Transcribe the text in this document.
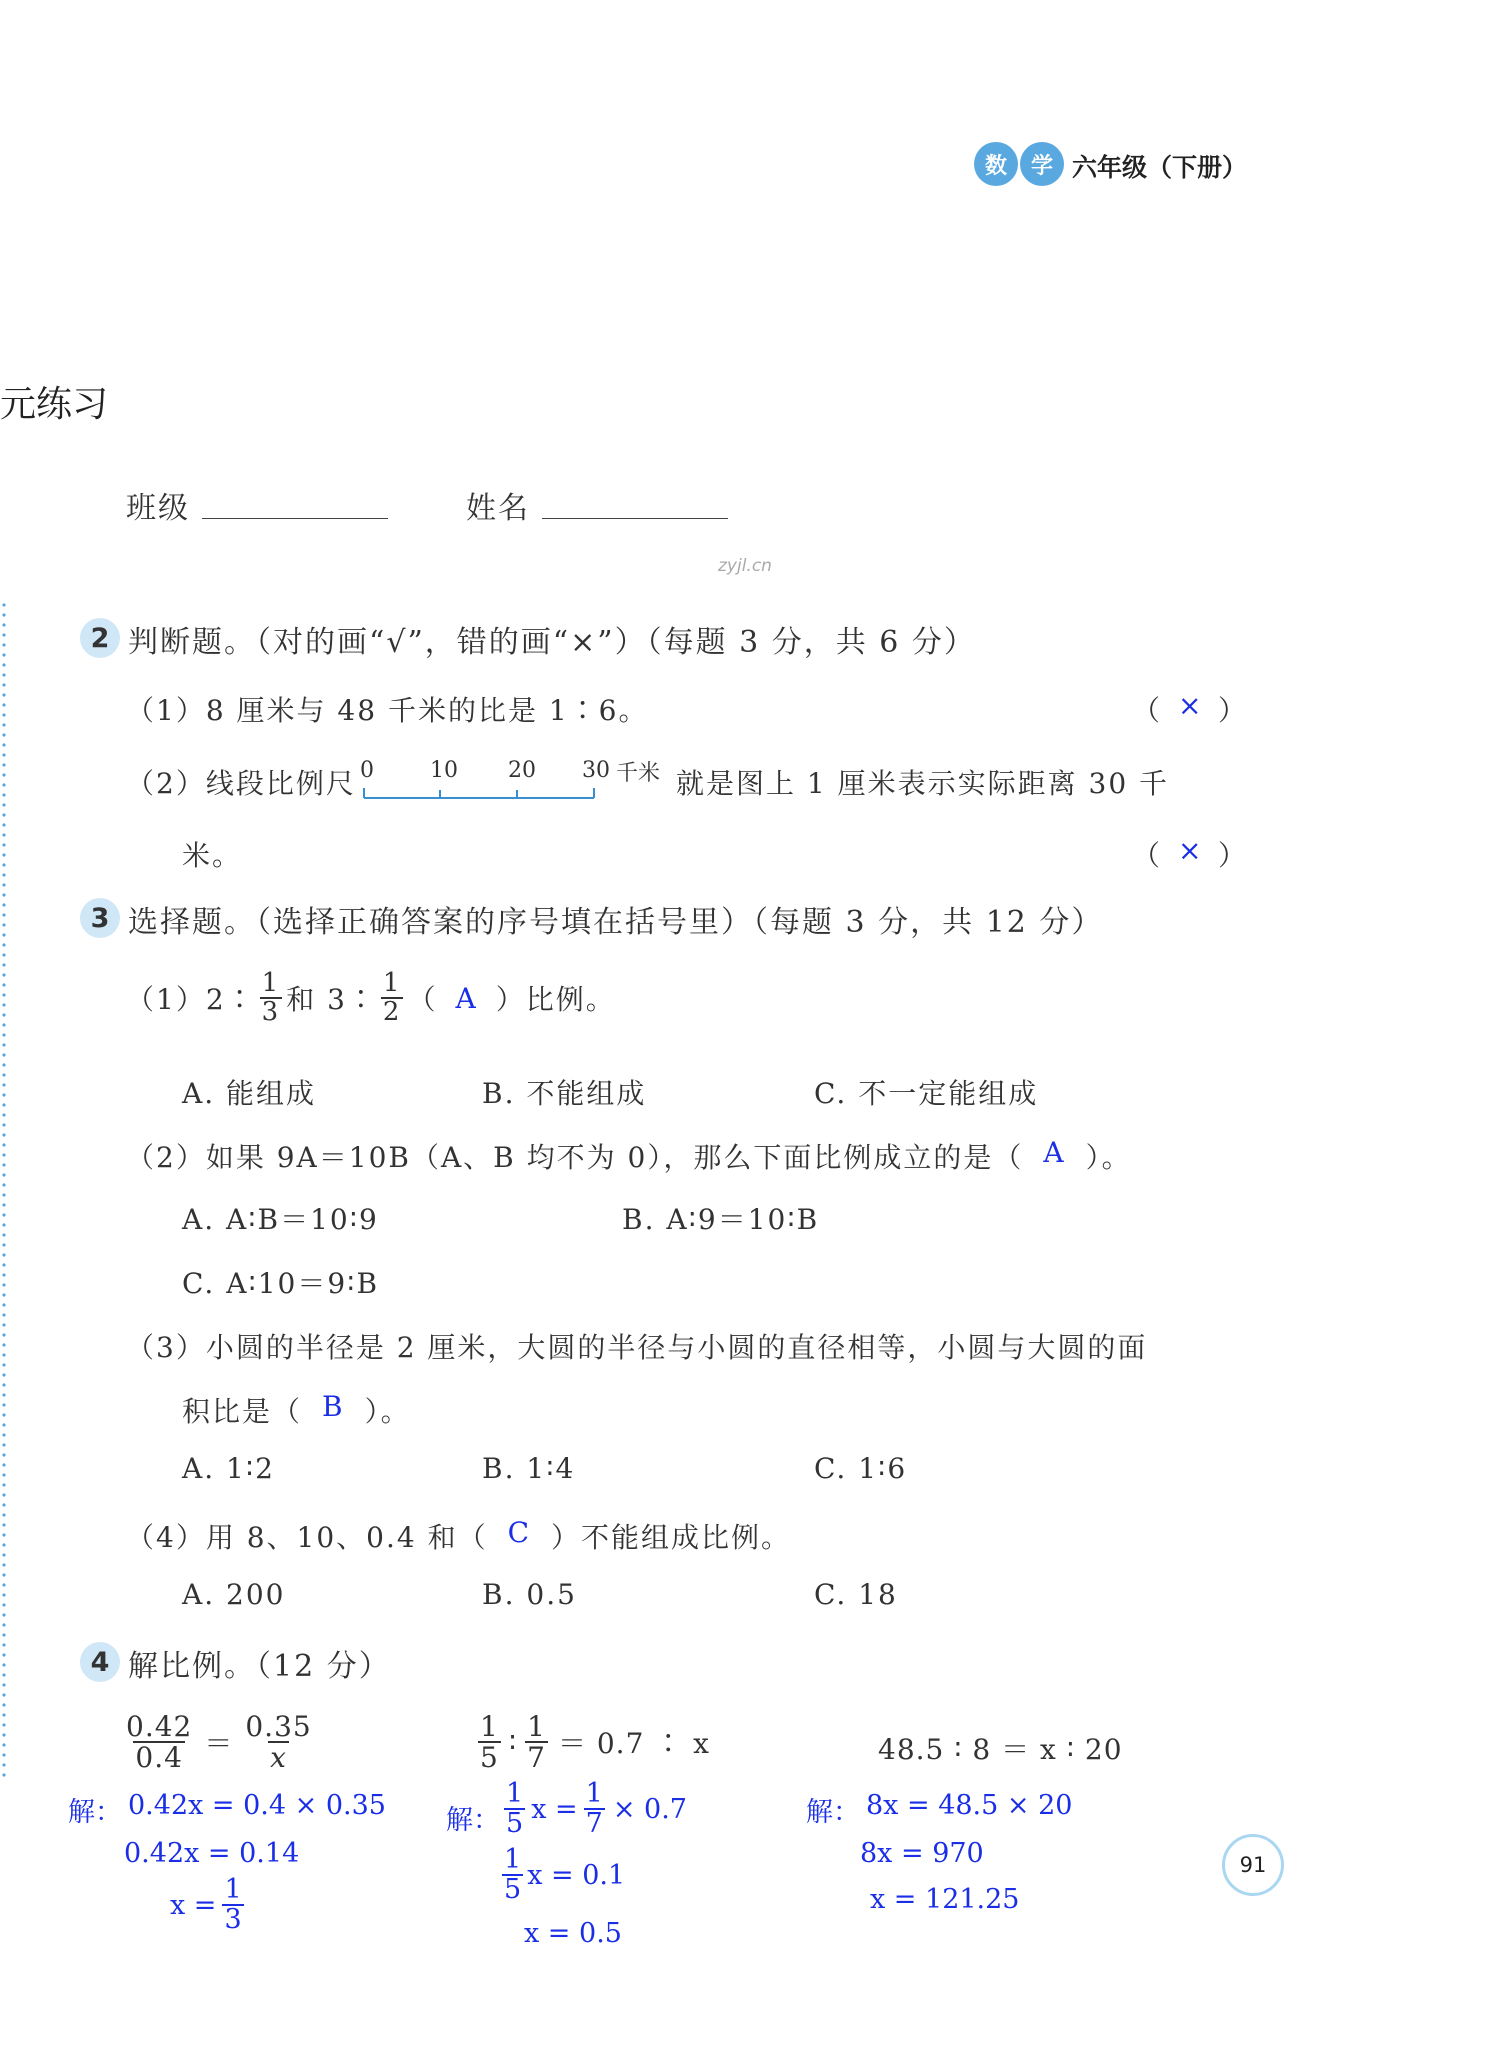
数	学 六年级（下册）
元练习
班级	姓名
zyjl.cn
2 判断题。（对的画“√”，错的画“×”）（每题 3 分，共 6 分）
（1）8 厘米与 48 千米的比是 1∶6。	（ × ）
（2）线段比例尺 0	10 20 30 千米 就是图上 1 厘米表示实际距离 30 千
米。	（ × ）
3 选择题。（选择正确答案的序号填在括号里）（每题 3 分，共 12 分）
（1）2∶ $\frac{1}{3}$ 和 3∶ $\frac{1}{2}$ （ A ）比例。
A. 能组成	B. 不能组成	C. 不一定能组成
（2）如果 9A＝10B（A、B 均不为 0），那么下面比例成立的是（ A ）。
A. A∶B＝10∶9	B. A∶9＝10∶B
C. A∶10＝9∶B
（3）小圆的半径是 2 厘米，大圆的半径与小圆的直径相等，小圆与大圆的面
积比是（ B ）。
A. 1∶2	B. 1∶4	C. 1∶6
（4）用 8、10、0.4 和（ C ）不能组成比例。
A. 200	B. 0.5	C. 18
4 解比例。（12 分）
$\frac{0.42}{0.4} = \frac{0.35}{x}$
解： 0.42x = 0.4 × 0.35
0.42x = 0.14
$x = \frac{1}{3}$
$\frac{1}{5}$ ∶ $\frac{1}{7} = 0.7$ ∶ x
解： $\frac{1}{5}$ $x = \frac{1}{7} \times 0.7$
$\frac{1}{5}$ x = 0.1
x = 0.5
48.5 ∶ 8 ＝ x ∶ 20
解： 8x = 48.5 × 20
8x = 970
x = 121.25
91
